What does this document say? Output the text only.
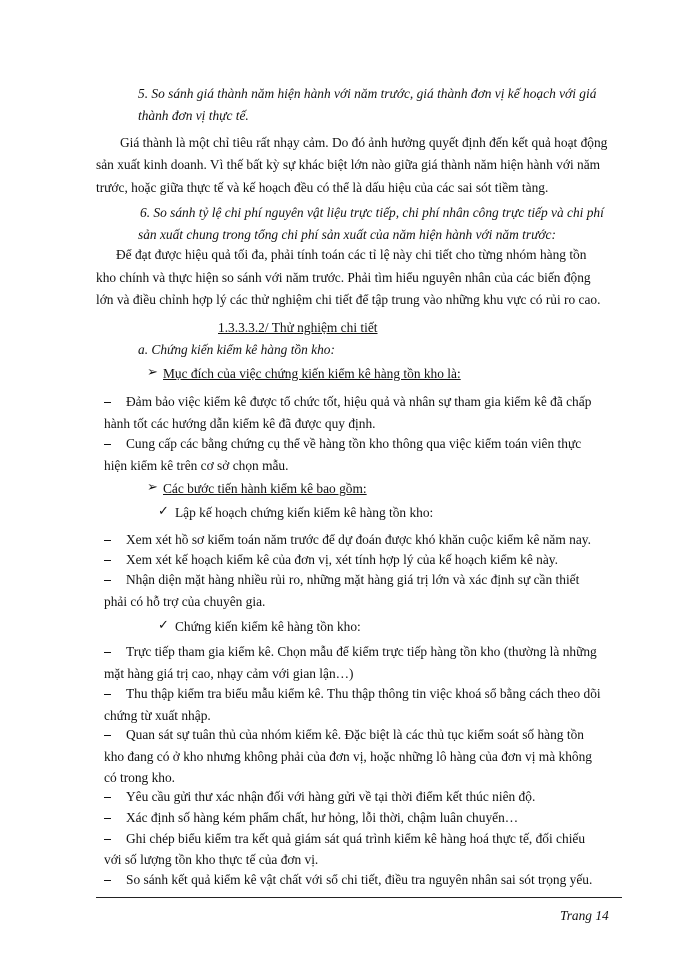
5. So sánh giá thành năm hiện hành với năm trước, giá thành đơn vị kế hoạch với giá
thành đơn vị thực tế.
Giá thành là một chỉ tiêu rất nhạy cảm. Do đó ảnh hưởng quyết định đến kết quả hoạt động
sản xuất kinh doanh. Vì thế bất kỳ sự khác biệt lớn nào giữa giá thành năm hiện hành với năm
trước, hoặc giữa thực tế và kế hoạch đều có thể là dấu hiệu của các sai sót tiềm tàng.
6. So sánh tỷ lệ chi phí nguyên vật liệu trực tiếp, chi phí nhân công trực tiếp và chi phí
sản xuất chung trong tổng chi phí sản xuất của năm hiện hành với năm trước:
Để đạt được hiệu quả tối đa, phải tính toán các tỉ lệ này chi tiết cho từng nhóm hàng tồn
kho chính và thực hiện so sánh với năm trước. Phải tìm hiểu nguyên nhân của các biến động
lớn và điều chỉnh hợp lý các thử nghiệm chi tiết để tập trung vào những khu vực có rủi ro cao.
1.3.3.3.2/ Thử nghiệm chi tiết
a. Chứng kiến kiểm kê hàng tồn kho:
➢ Mục đích của việc chứng kiến kiểm kê hàng tồn kho là:
Đảm bảo việc kiểm kê được tổ chức tốt, hiệu quả và nhân sự tham gia kiểm kê đã chấp
hành tốt các hướng dẫn kiểm kê đã được quy định.
Cung cấp các bằng chứng cụ thể về hàng tồn kho thông qua việc kiểm toán viên thực
hiện kiểm kê trên cơ sở chọn mẫu.
➢ Các bước tiến hành kiểm kê bao gồm:
✓ Lập kế hoạch chứng kiến kiểm kê hàng tồn kho:
Xem xét hồ sơ kiểm toán năm trước để dự đoán được khó khăn cuộc kiểm kê năm nay.
Xem xét kế hoạch kiểm kê của đơn vị, xét tính hợp lý của kế hoạch kiểm kê này.
Nhận diện mặt hàng nhiều rủi ro, những mặt hàng giá trị lớn và xác định sự cần thiết
phải có hỗ trợ của chuyên gia.
✓ Chứng kiến kiểm kê hàng tồn kho:
Trực tiếp tham gia kiểm kê. Chọn mẫu để kiểm trực tiếp hàng tồn kho (thường là những
mặt hàng giá trị cao, nhạy cảm với gian lận…)
Thu thập kiểm tra biểu mẫu kiểm kê. Thu thập thông tin việc khoá sổ bằng cách theo dõi
chứng từ xuất nhập.
Quan sát sự tuân thủ của nhóm kiểm kê. Đặc biệt là các thủ tục kiểm soát số hàng tồn
kho đang có ở kho nhưng không phải của đơn vị, hoặc những lô hàng của đơn vị mà không
có trong kho.
Yêu cầu gửi thư xác nhận đối với hàng gửi về tại thời điểm kết thúc niên độ.
Xác định số hàng kém phẩm chất, hư hỏng, lỗi thời, chậm luân chuyển…
Ghi chép biểu kiểm tra kết quả giám sát quá trình kiểm kê hàng hoá thực tế, đối chiếu
với số lượng tồn kho thực tế của đơn vị.
So sánh kết quả kiểm kê vật chất với sổ chi tiết, điều tra nguyên nhân sai sót trọng yếu.
Trang 14
